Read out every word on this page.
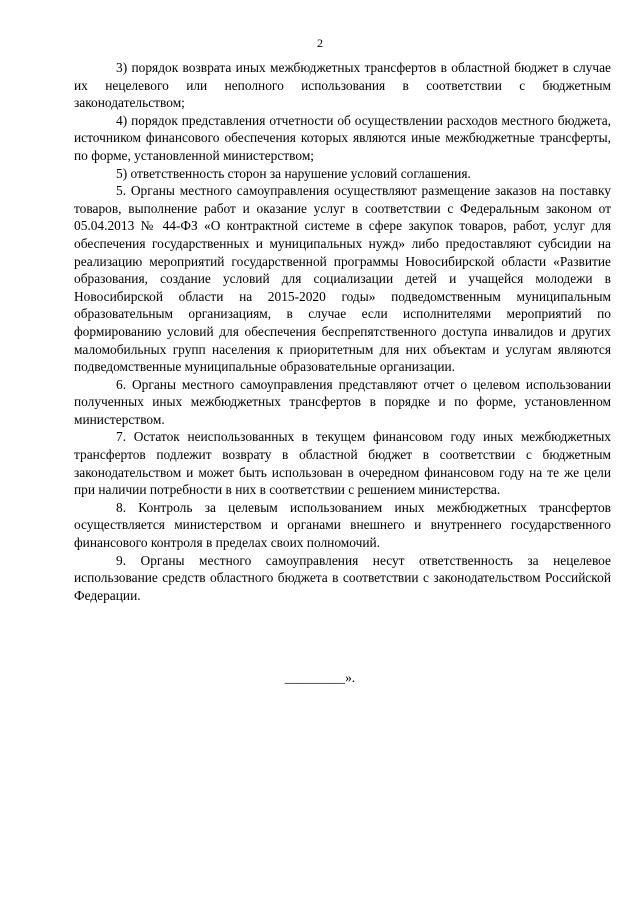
2

3) порядок возврата иных межбюджетных трансфертов в областной бюджет в случае их нецелевого или неполного использования в соответствии с бюджетным законодательством;

4) порядок представления отчетности об осуществлении расходов местного бюджета, источником финансового обеспечения которых являются иные межбюджетные трансферты, по форме, установленной министерством;

5) ответственность сторон за нарушение условий соглашения.

5. Органы местного самоуправления осуществляют размещение заказов на поставку товаров, выполнение работ и оказание услуг в соответствии с Федеральным законом от 05.04.2013 № 44-ФЗ «О контрактной системе в сфере закупок товаров, работ, услуг для обеспечения государственных и муниципальных нужд» либо предоставляют субсидии на реализацию мероприятий государственной программы Новосибирской области «Развитие образования, создание условий для социализации детей и учащейся молодежи в Новосибирской области на 2015-2020 годы» подведомственным муниципальным образовательным организациям, в случае если исполнителями мероприятий по формированию условий для обеспечения беспрепятственного доступа инвалидов и других маломобильных групп населения к приоритетным для них объектам и услугам являются подведомственные муниципальные образовательные организации.

6. Органы местного самоуправления представляют отчет о целевом использовании полученных иных межбюджетных трансфертов в порядке и по форме, установленном министерством.

7. Остаток неиспользованных в текущем финансовом году иных межбюджетных трансфертов подлежит возврату в областной бюджет в соответствии с бюджетным законодательством и может быть использован в очередном финансовом году на те же цели при наличии потребности в них в соответствии с решением министерства.

8. Контроль за целевым использованием иных межбюджетных трансфертов осуществляется министерством и органами внешнего и внутреннего государственного финансового контроля в пределах своих полномочий.

9. Органы местного самоуправления несут ответственность за нецелевое использование средств областного бюджета в соответствии с законодательством Российской Федерации.

_________».
